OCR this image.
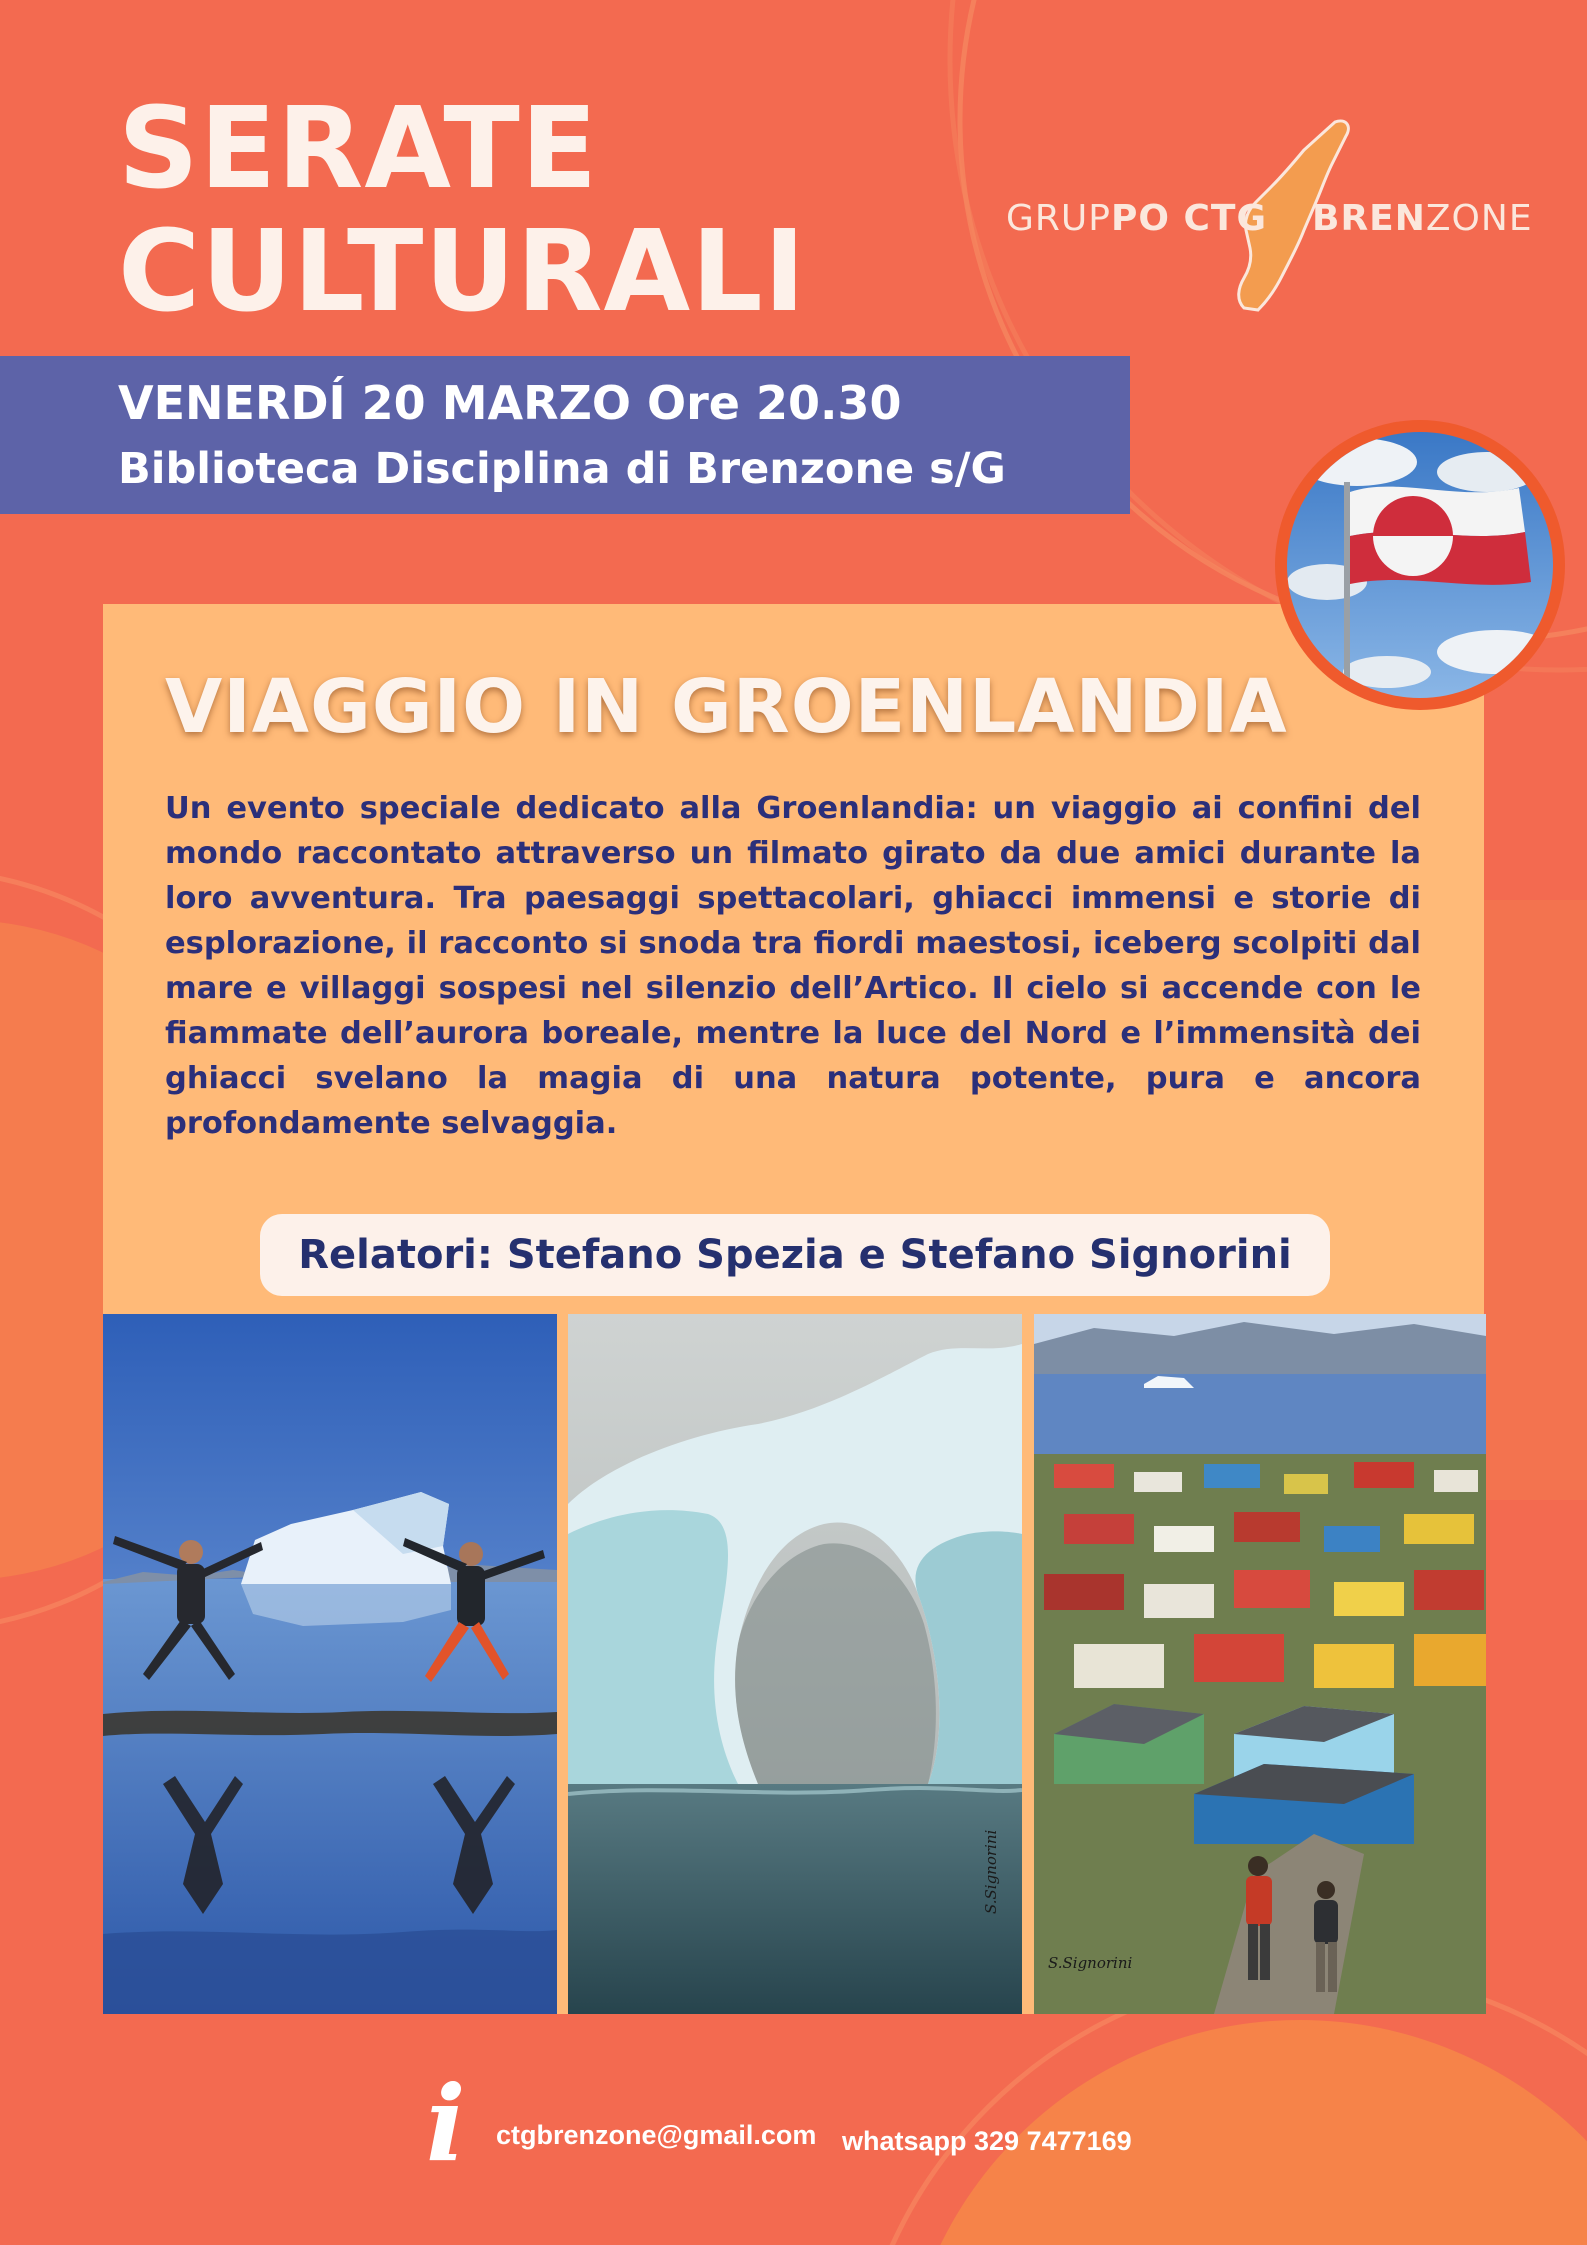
SERATE
CULTURALI	GRUPPO CTG BRENZONE
VENERDÍ 20 MARZO Ore 20.30
Biblioteca Disciplina di Brenzone s/G
VIAGGIO IN GROENLANDIA

Un evento speciale dedicato alla Groenlandia: un viaggio ai confini del mondo raccontato attraverso un filmato girato da due amici durante la loro avventura. Tra paesaggi spettacolari, ghiacci immensi e storie di esplorazione, il racconto si snoda tra fiordi maestosi, iceberg scolpiti dal mare e villaggi sospesi nel silenzio dell’Artico. Il cielo si accende con le fiammate dell’aurora boreale, mentre la luce del Nord e l’immensità dei ghiacci svelano la magia di una natura potente, pura e ancora profondamente selvaggia.

Relatori: Stefano Spezia e Stefano Signorini
S.Signorini
S.Signorini
i ctgbrenzone@gmail.com whatsapp 329 7477169
